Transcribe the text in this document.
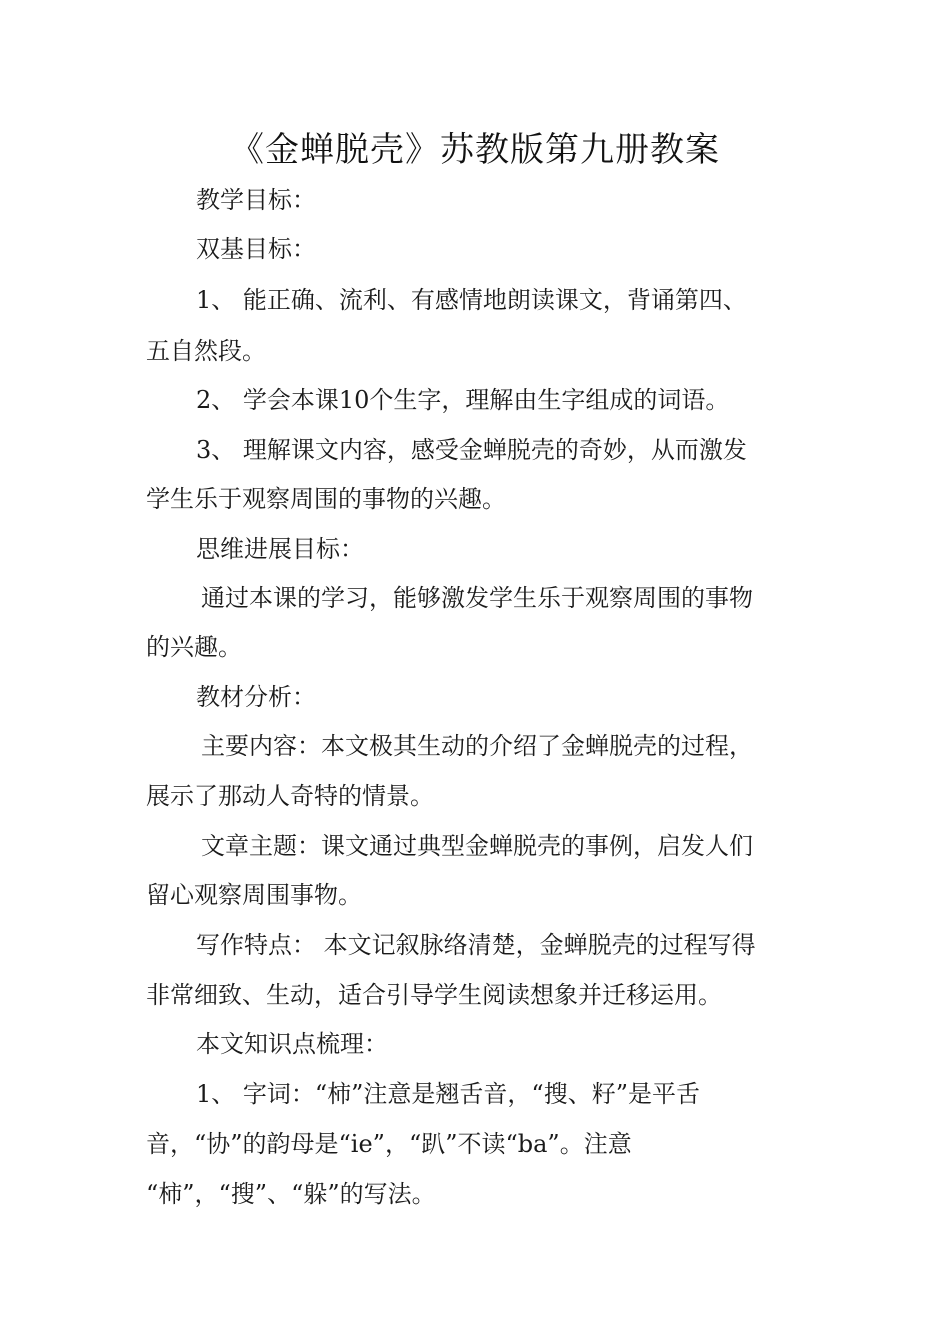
《金蝉脱壳》苏教版第九册教案
教学目标：
双基目标：
1、 能正确、流利、有感情地朗读课文，背诵第四、
五自然段。
2、 学会本课10个生字，理解由生字组成的词语。
3、 理解课文内容，感受金蝉脱壳的奇妙，从而激发
学生乐于观察周围的事物的兴趣。
思维进展目标：
通过本课的学习，能够激发学生乐于观察周围的事物
的兴趣。
教材分析：
主要内容：本文极其生动的介绍了金蝉脱壳的过程，
展示了那动人奇特的情景。
文章主题：课文通过典型金蝉脱壳的事例，启发人们
留心观察周围事物。
写作特点： 本文记叙脉络清楚，金蝉脱壳的过程写得
非常细致、生动，适合引导学生阅读想象并迁移运用。
本文知识点梳理：
1、 字词：“柿”注意是翘舌音，“搜、籽”是平舌
音，“协”的韵母是“ie”，“趴”不读“ba”。注意
“柿”，“搜”、“躲”的写法。
